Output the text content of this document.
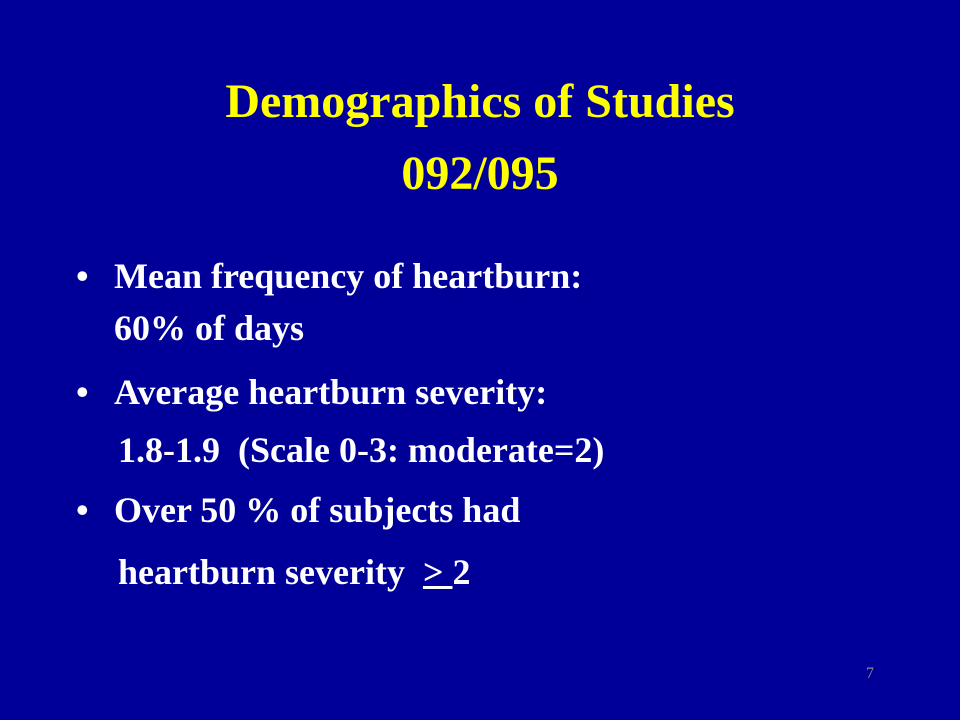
Demographics of Studies
092/095
• Mean frequency of heartburn:
60% of days
• Average heartburn severity:
1.8-1.9  (Scale 0-3: moderate=2)
• Over 50 % of subjects had
heartburn severity  > 2
7
